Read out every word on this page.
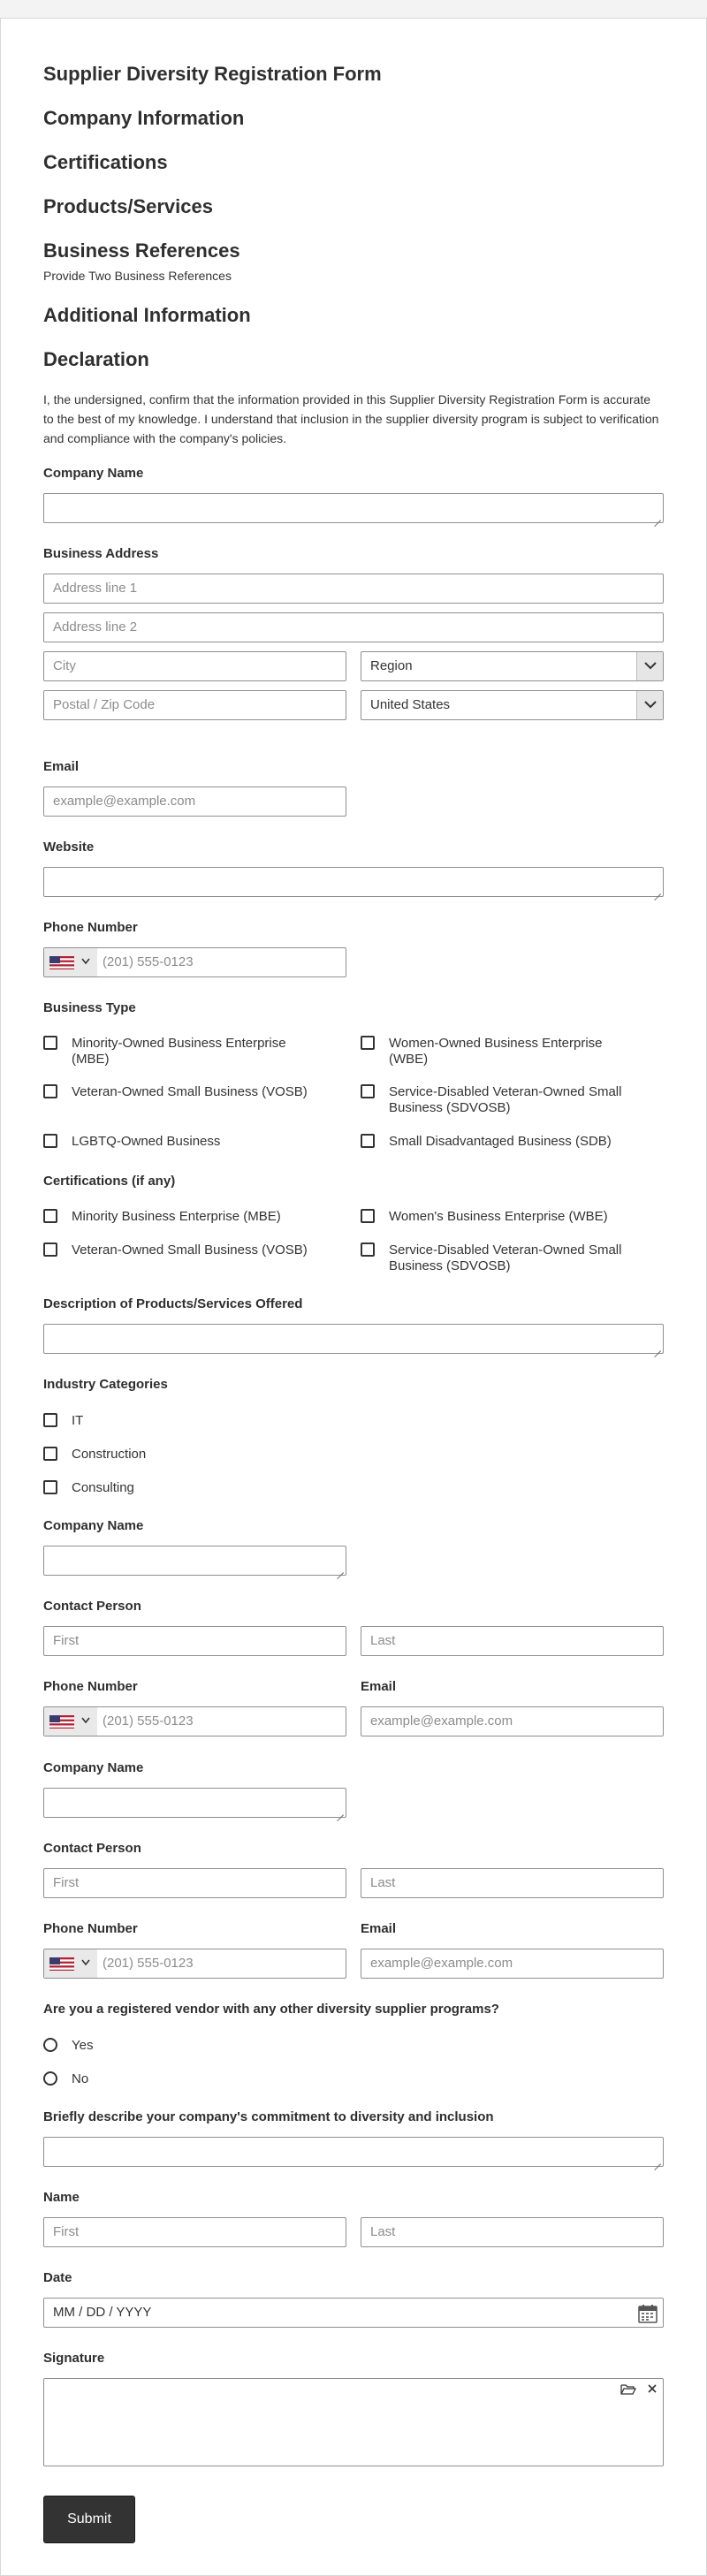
Supplier Diversity Registration Form
Company Information
Certifications
Products/Services
Business References
Provide Two Business References
Additional Information
Declaration
I, the undersigned, confirm that the information provided in this Supplier Diversity Registration Form is accurate to the best of my knowledge. I understand that inclusion in the supplier diversity program is subject to verification and compliance with the company's policies.
Company Name
Business Address
Address line 1
Address line 2
City	Region
Postal / Zip Code	United States
Email
example@example.com
Website
Phone Number
(201) 555-0123
Business Type
Minority-Owned Business Enterprise (MBE)
Women-Owned Business Enterprise (WBE)
Veteran-Owned Small Business (VOSB)	Service-Disabled Veteran-Owned Small Business (SDVOSB)
LGBTQ-Owned Business	Small Disadvantaged Business (SDB)
Certifications (if any)
Minority Business Enterprise (MBE)	Women's Business Enterprise (WBE)
Veteran-Owned Small Business (VOSB)	Service-Disabled Veteran-Owned Small Business (SDVOSB)
Description of Products/Services Offered
Industry Categories
IT
Construction
Consulting
Company Name
Contact Person
First	Last
Phone Number	Email
(201) 555-0123	example@example.com
Company Name
Contact Person
First	Last
Phone Number	Email
(201) 555-0123	example@example.com
Are you a registered vendor with any other diversity supplier programs?
Yes
No
Briefly describe your company's commitment to diversity and inclusion
Name
First	Last
Date
MM / DD / YYYY
Signature
Submit
